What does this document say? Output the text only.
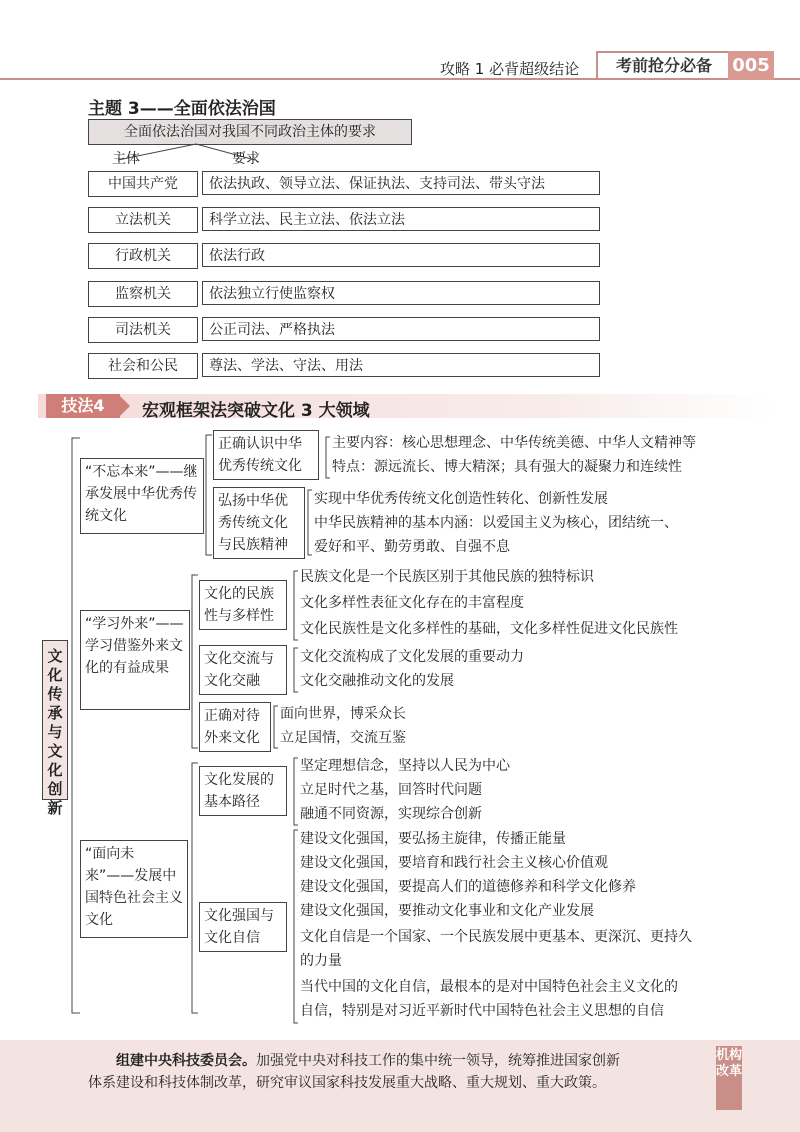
攻略 1 必背超级结论	考前抢分必备	005
主题 3——全面依法治国
全面依法治国对我国不同政治主体的要求
主体	要求
中国共产党	依法执政、领导立法、保证执法、支持司法、带头守法
立法机关	科学立法、民主立法、依法立法
行政机关	依法行政
监察机关	依法独立行使监察权
司法机关	公正司法、严格执法
社会和公民	尊法、学法、守法、用法
技法4	宏观框架法突破文化 3 大领域
文化传承与文化创新
“不忘本来”——继承发展中华优秀传统文化
正确认识中华优秀传统文化
主要内容：核心思想理念、中华传统美德、中华人文精神等
特点：源远流长、博大精深；具有强大的凝聚力和连续性
弘扬中华优秀传统文化与民族精神
实现中华优秀传统文化创造性转化、创新性发展
中华民族精神的基本内涵：以爱国主义为核心，团结统一、
爱好和平、勤劳勇敢、自强不息
“学习外来”——学习借鉴外来文化的有益成果
文化的民族性与多样性
民族文化是一个民族区别于其他民族的独特标识
文化多样性表征文化存在的丰富程度
文化民族性是文化多样性的基础，文化多样性促进文化民族性
文化交流与文化交融
文化交流构成了文化发展的重要动力
文化交融推动文化的发展
正确对待外来文化
面向世界，博采众长
立足国情，交流互鉴
“面向未来”——发展中国特色社会主义文化
文化发展的基本路径
坚定理想信念，坚持以人民为中心
立足时代之基，回答时代问题
融通不同资源，实现综合创新
文化强国与文化自信
建设文化强国，要弘扬主旋律，传播正能量
建设文化强国，要培育和践行社会主义核心价值观
建设文化强国，要提高人们的道德修养和科学文化修养
建设文化强国，要推动文化事业和文化产业发展
文化自信是一个国家、一个民族发展中更基本、更深沉、更持久
的力量
当代中国的文化自信，最根本的是对中国特色社会主义文化的
自信，特别是对习近平新时代中国特色社会主义思想的自信
组建中央科技委员会。加强党中央对科技工作的集中统一领导，统筹推进国家创新
体系建设和科技体制改革，研究审议国家科技发展重大战略、重大规划、重大政策。
机构改革
